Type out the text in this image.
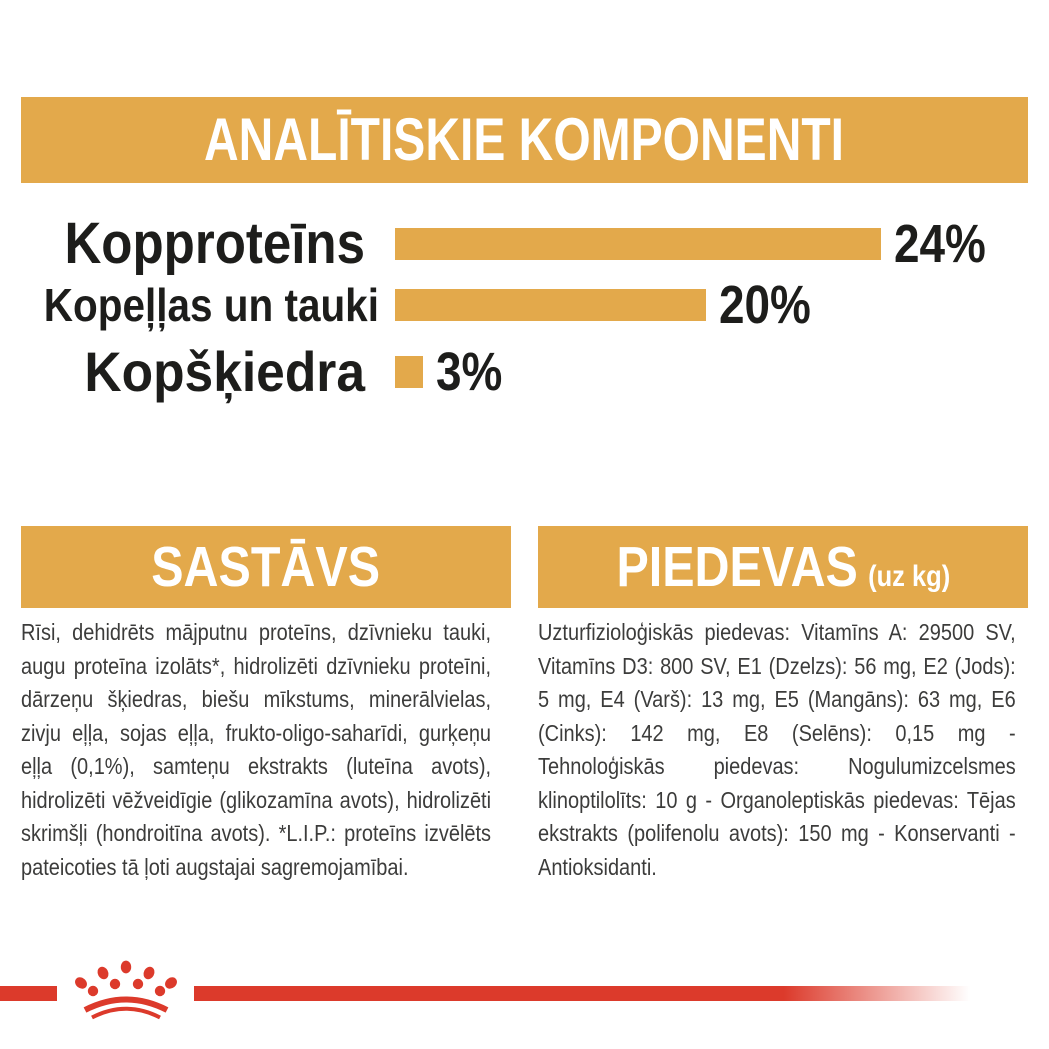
ANALĪTISKIE KOMPONENTI
Kopproteīns	24%
Kopeļļas un tauki	20%
Kopšķiedra 3%
SASTĀVS	PIEDEVAS (uz kg)

Rīsi, dehidrēts mājputnu proteīns, dzīvnieku tauki, augu proteīna izolāts*, hidrolizēti dzīvnieku proteīni, dārzeņu šķiedras, biešu mīkstums, minerālvielas, zivju eļļa, sojas eļļa, frukto-oligo-saharīdi, gurķeņu eļļa (0,1%), samteņu ekstrakts (luteīna avots), hidrolizēti vēžveidīgie (glikozamīna avots), hidrolizēti skrimšļi (hondroitīna avots). *L.I.P.: proteīns izvēlēts pateicoties tā ļoti augstajai sagremojamībai.

Uzturfizioloģiskās piedevas: Vitamīns A: 29500 SV, Vitamīns D3: 800 SV, E1 (Dzelzs): 56 mg, E2 (Jods): 5 mg, E4 (Varš): 13 mg, E5 (Mangāns): 63 mg, E6 (Cinks): 142 mg, E8 (Selēns): 0,15 mg - Tehnoloģiskās piedevas: Nogulumizcelsmes klinoptilolīts: 10 g - Organoleptiskās piedevas: Tējas ekstrakts (polifenolu avots): 150 mg - Konservanti - Antioksidanti.
